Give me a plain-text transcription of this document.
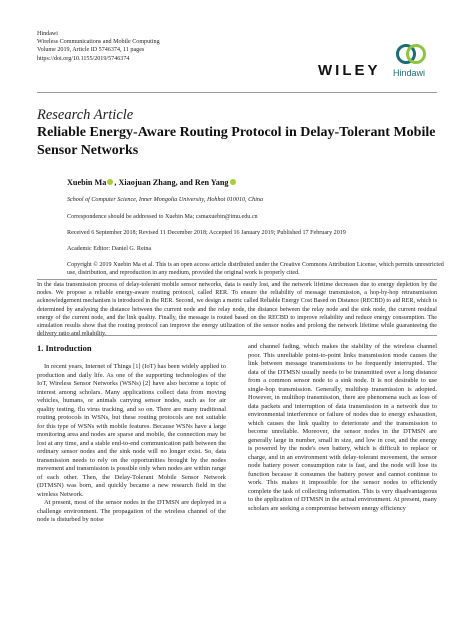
Hindawi
Wireless Communications and Mobile Computing
Volume 2019, Article ID 5746374, 11 pages
https://doi.org/10.1155/2019/5746374
WILEY Hindawi
Research Article
Reliable Energy-Aware Routing Protocol in Delay-Tolerant Mobile Sensor Networks
Xuebin Ma , Xiaojuan Zhang, and Ren Yang
School of Computer Science, Inner Mongolia University, Hohhot 010010, China
Correspondence should be addressed to Xuebin Ma; csmaxuebin@imu.edu.cn
Received 6 September 2018; Revised 11 December 2018; Accepted 16 January 2019; Published 17 February 2019
Academic Editor: Daniel G. Reina
Copyright © 2019 Xuebin Ma et al. This is an open access article distributed under the Creative Commons Attribution License, which permits unrestricted use, distribution, and reproduction in any medium, provided the original work is properly cited.
In the data transmission process of delay-tolerant mobile sensor networks, data is easily lost, and the network lifetime decreases due to energy depletion by the nodes. We propose a reliable energy-aware routing protocol, called RER. To ensure the reliability of message transmission, a hop-by-hop retransmission acknowledgement mechanism is introduced in the RER. Second, we design a metric called Reliable Energy Cost Based on Distance (RECBD) to aid RER, which is determined by analysing the distance between the current node and the relay node, the distance between the relay node and the sink node, the current residual energy of the current node, and the link quality. Finally, the message is routed based on the RECBD to improve reliability and reduce energy consumption. The simulation results show that the routing protocol can improve the energy utilization of the sensor nodes and prolong the network lifetime while guaranteeing the delivery ratio and reliability.
1. Introduction

In recent years, Internet of Things [1] (IoT) has been widely applied to production and daily life. As one of the supporting technologies of the IoT, Wireless Sensor Networks (WSNs) [2] have also become a topic of interest among scholars. Many applications collect data from moving vehicles, humans, or animals carrying sensor nodes, such as for air quality testing, flu virus tracking, and so on. There are many traditional routing protocols in WSNs, but these routing protocols are not suitable for this type of WSNs with mobile features. Because WSNs have a large monitoring area and nodes are sparse and mobile, the connection may be lost at any time, and a stable end-to-end communication path between the ordinary sensor nodes and the sink node will no longer exist. So, data transmission needs to rely on the opportunities brought by the nodes movement and transmission is possible only when nodes are within range of each other. Then, the Delay-Tolerant Mobile Sensor Network (DTMSN) was born, and quickly became a new research field in the wireless Network.

At present, most of the sensor nodes in the DTMSN are deployed in a challenge environment. The propagation of the wireless channel of the node is disturbed by noise

and channel fading, which makes the stability of the wireless channel poor. This unreliable point-to-point links transmission mode causes the link between message transmissions to be frequently interrupted. The data of the DTMSN usually needs to be transmitted over a long distance from a common sensor node to a sink node. It is not desirable to use single-hop transmission. Generally, multihop transmission is adopted. However, in multihop transmission, there are phenomena such as loss of data packets and interruption of data transmission in a network due to environmental interference or failure of nodes due to energy exhaustion, which causes the link quality to deteriorate and the transmission to become unreliable. Moreover, the sensor nodes in the DTMSN are generally large in number, small in size, and low in cost, and the energy is powered by the node's own battery, which is difficult to replace or charge, and in an environment with delay-tolerant movement, the sensor node battery power consumption rate is fast, and the node will lose its function because it consumes the battery power and cannot continue to work. This makes it impossible for the sensor nodes to efficiently complete the task of collecting information. This is very disadvantageous to the application of DTMSN in the actual environment. At present, many scholars are seeking a compromise between energy efficiency
